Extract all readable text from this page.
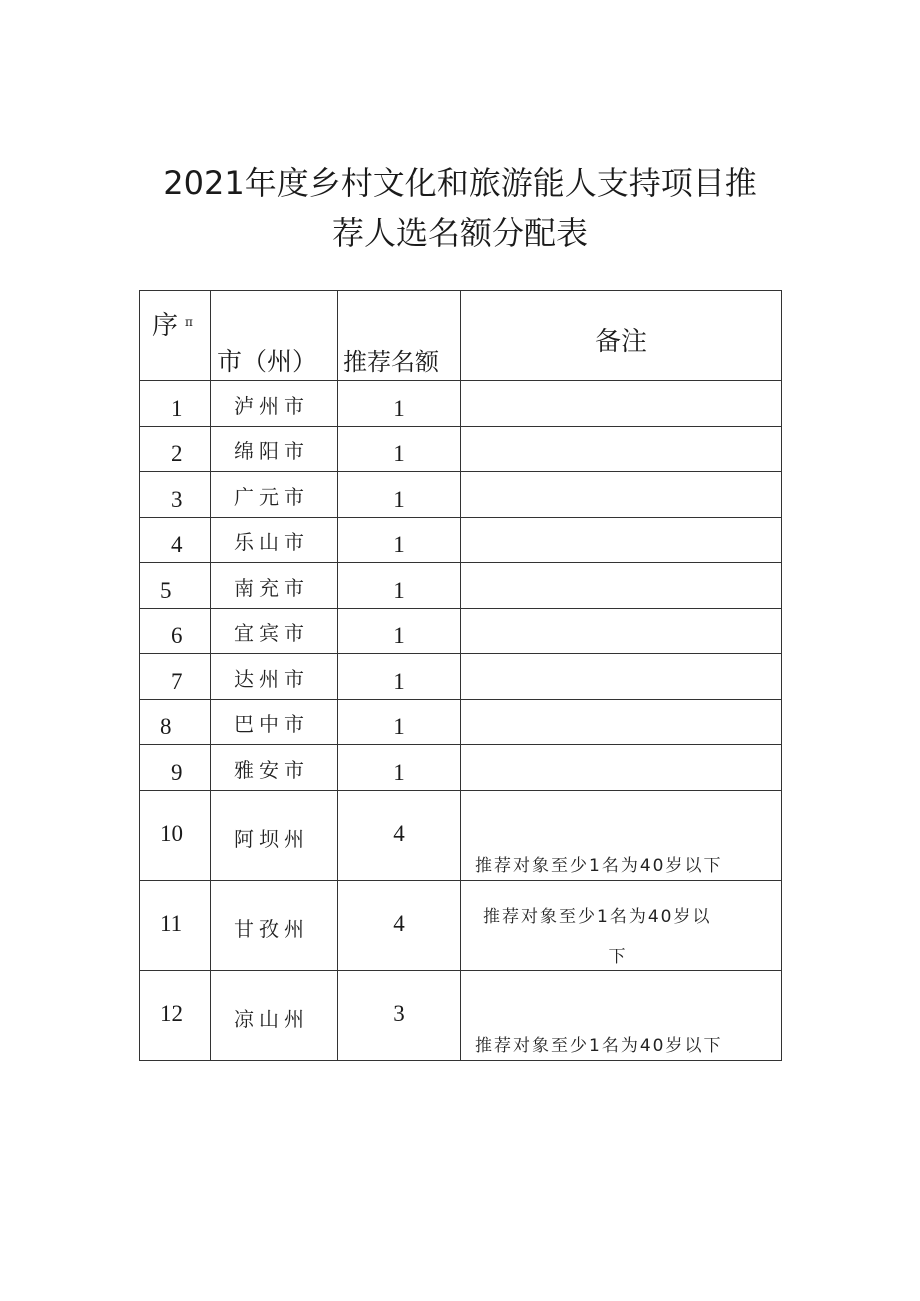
2021年度乡村文化和旅游能人支持项目推
荐人选名额分配表
序 π	市（州）	推荐名额	备注

1	泸州市	1	

2	绵阳市	1	

3	广元市	1	

4	乐山市	1	

5	南充市	1	

6	宜宾市	1	

7	达州市	1	

8	巴中市	1	

9	雅安市	1	

10	阿坝州	4	推荐对象至少1名为40岁以下

11	甘孜州	4	推荐对象至少1名为40岁以
下

12	凉山州	3	推荐对象至少1名为40岁以下
